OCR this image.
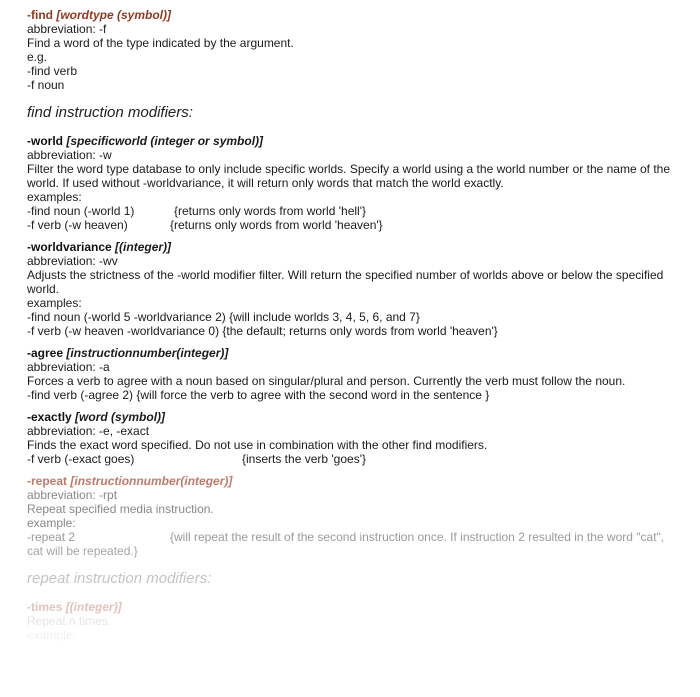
-find [wordtype (symbol)]
abbreviation: -f
Find a word of the type indicated by the argument.
e.g.
-find verb
-f noun
find instruction modifiers:
-world [specificworld (integer or symbol)]
abbreviation: -w
Filter the word type database to only include specific worlds. Specify a world using a the world number or the name of the world. If used without -worldvariance, it will return only words that match the world exactly.
examples:
-find noun (-world 1)	{returns only words from world 'hell'}
-f verb (-w heaven)	{returns only words from world 'heaven'}
-worldvariance [(integer)]
abbreviation: -wv
Adjusts the strictness of the -world modifier filter. Will return the specified number of worlds above or below the specified world.
examples:
-find noun (-world 5 -worldvariance 2) {will include worlds 3, 4, 5, 6, and 7}
-f verb (-w heaven -worldvariance 0) {the default; returns only words from world 'heaven'}
-agree [instructionnumber(integer)]
abbreviation: -a
Forces a verb to agree with a noun based on singular/plural and person. Currently the verb must follow the noun.
-find verb (-agree 2) {will force the verb to agree with the second word in the sentence }
-exactly [word (symbol)]
abbreviation: -e, -exact
Finds the exact word specified. Do not use in combination with the other find modifiers.
-f verb (-exact goes)	{inserts the verb 'goes'}
-repeat [instructionnumber(integer)]
abbreviation: -rpt
Repeat specified media instruction.
example:
-repeat 2	{will repeat the result of the second instruction once. If instruction 2 resulted in the word "cat",
cat will be repeated.}
repeat instruction modifiers:
-times [(integer)]
Repeat n times.
example:
